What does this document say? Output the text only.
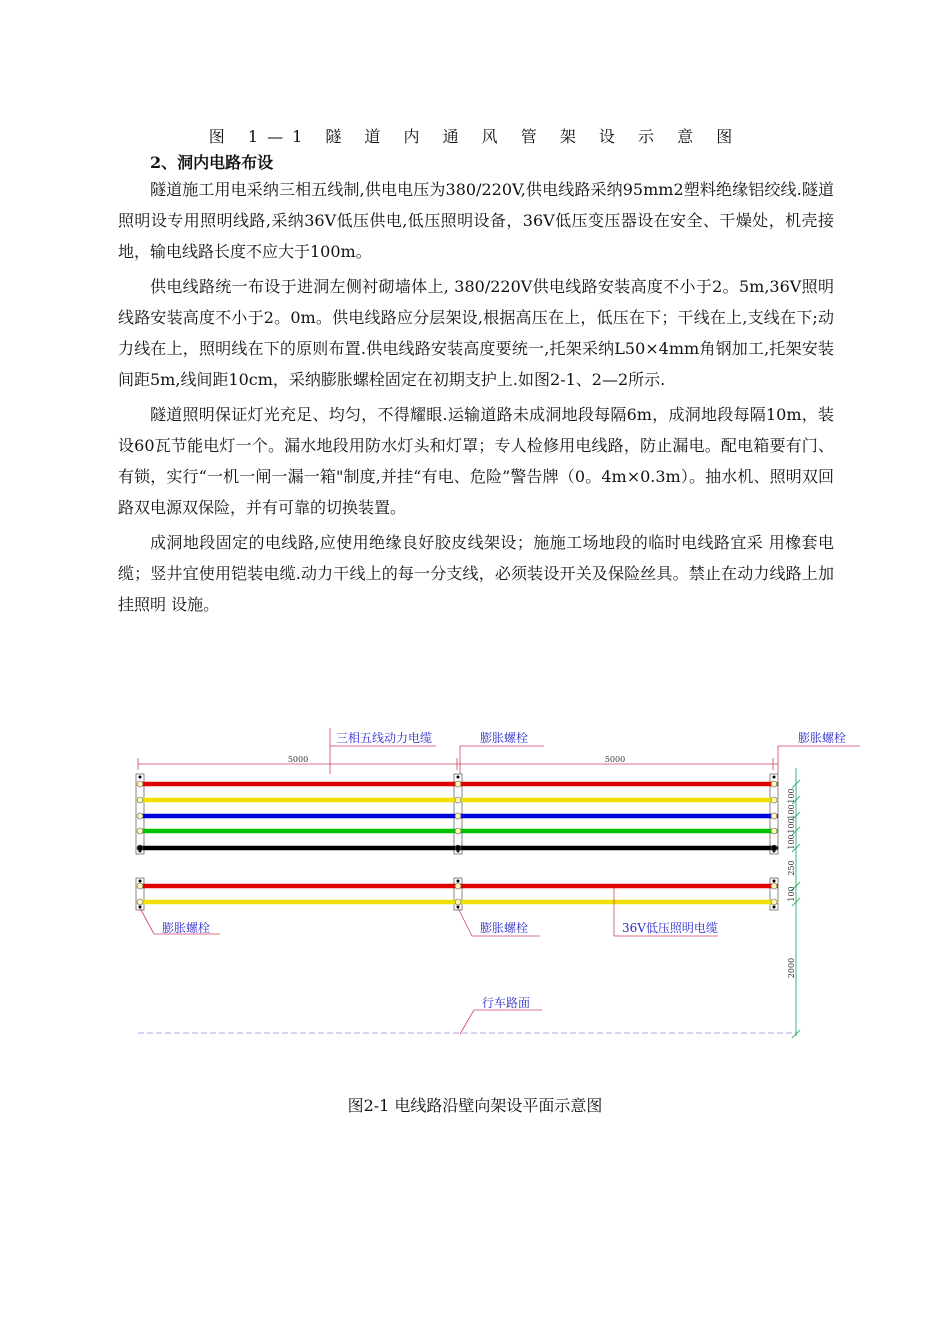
图 1—1 隧 道 内 通 风 管 架 设 示 意 图
2、洞内电路布设

隧道施工用电采纳三相五线制,供电电压为380/220V,供电线路采纳95mm2塑料绝缘铝绞线.隧道照明设专用照明线路,采纳36V低压供电,低压照明设备，36V低压变压器设在安全、干燥处，机壳接地，输电线路长度不应大于100m。

供电线路统一布设于进洞左侧衬砌墙体上, 380/220V供电线路安装高度不小于2。5m,36V照明线路安装高度不小于2。0m。供电线路应分层架设,根据高压在上，低压在下；干线在上,支线在下;动力线在上，照明线在下的原则布置.供电线路安装高度要统一,托架采纳L50×4mm角钢加工,托架安装间距5m,线间距10cm，采纳膨胀螺栓固定在初期支护上.如图2-1、2—2所示.

隧道照明保证灯光充足、均匀，不得耀眼.运输道路未成洞地段每隔6m，成洞地段每隔10m，装设60瓦节能电灯一个。漏水地段用防水灯头和灯罩；专人检修用电线路，防止漏电。配电箱要有门、有锁，实行“一机一闸一漏一箱"制度,并挂“有电、危险”警告牌（0。4m×0.3m）。抽水机、照明双回路双电源双保险，并有可靠的切换装置。

成洞地段固定的电线路,应使用绝缘良好胶皮线架设；施施工场地段的临时电线路宜采 用橡套电缆；竖井宜使用铠装电缆.动力干线上的每一分支线，必须装设开关及保险丝具。禁止在动力线路上加挂照明 设施。

5000	5000
三相五线动力电缆	膨胀螺栓	膨胀螺栓
100
100
100
100
250
100
2000
膨胀螺栓	膨胀螺栓	36V低压照明电缆
行车路面
图2-1 电线路沿壁向架设平面示意图
